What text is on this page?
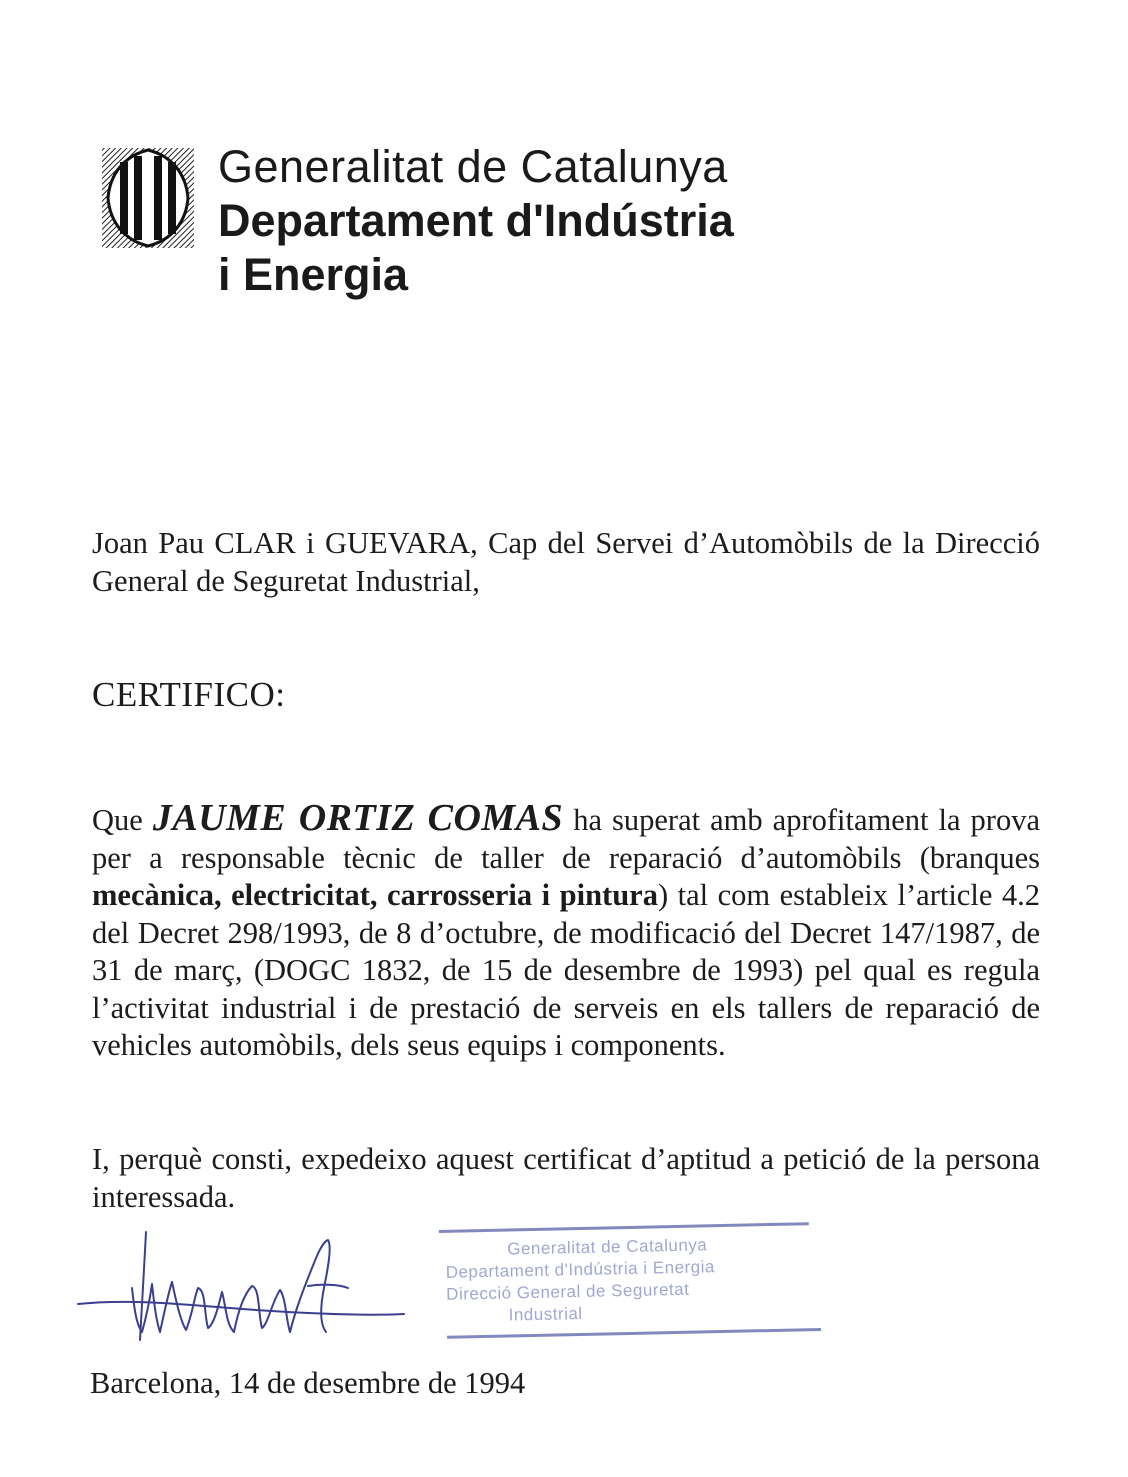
Generalitat de Catalunya
Departament d'Indústria
i Energia
Joan Pau CLAR i GUEVARA, Cap del Servei d’Automòbils de la Direcció General de Seguretat Industrial,
CERTIFICO:
Que JAUME ORTIZ COMAS ha superat amb aprofitament la prova per a responsable tècnic de taller de reparació d’automòbils (branques mecànica, electricitat, carrosseria i pintura) tal com estableix l’article 4.2 del Decret 298/1993, de 8 d’octubre, de modificació del Decret 147/1987, de 31 de març, (DOGC 1832, de 15 de desembre de 1993) pel qual es regula l’activitat industrial i de prestació de serveis en els tallers de reparació de vehicles automòbils, dels seus equips i components.
I, perquè consti, expedeixo aquest certificat d’aptitud a petició de la persona interessada.
Generalitat de Catalunya
Departament d'Indústria i Energia
Direcció General de Seguretat
Industrial
Barcelona, 14 de desembre de 1994
